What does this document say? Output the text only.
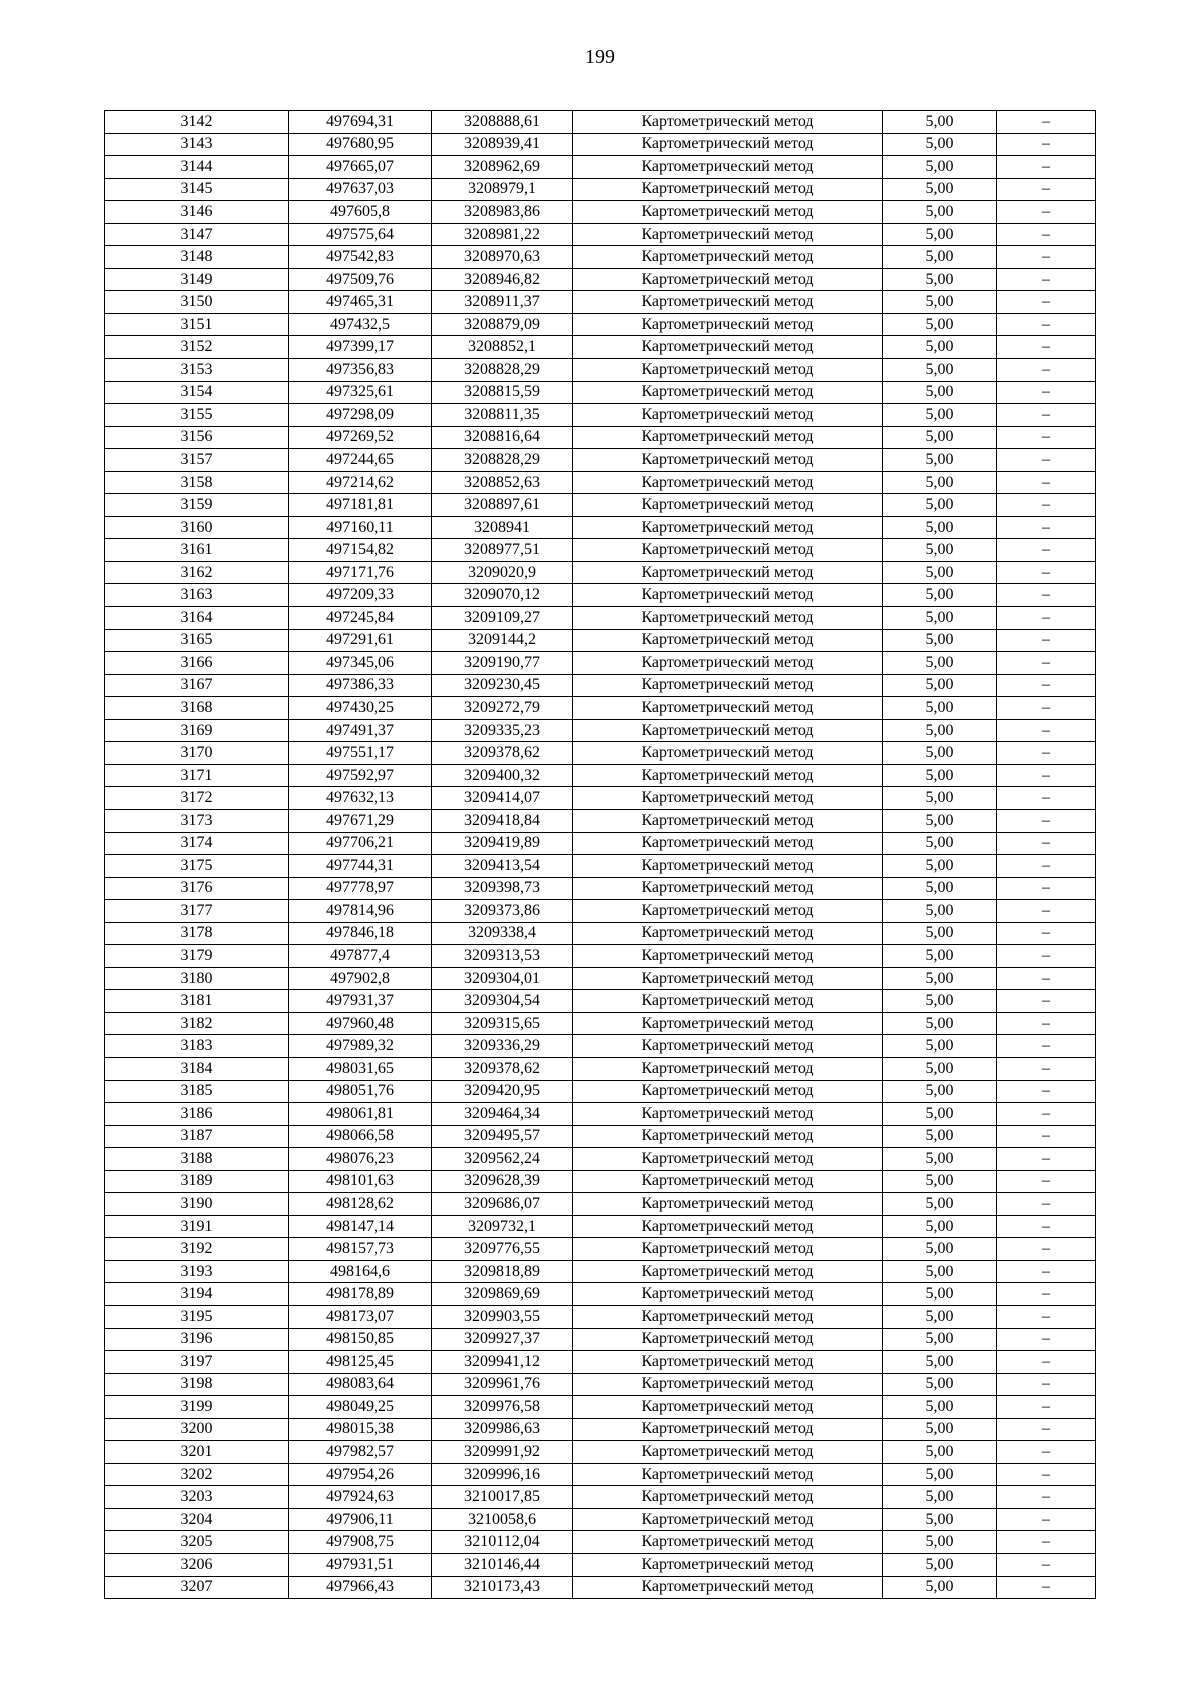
199
3142	497694,31	3208888,61	Картометрический метод	5,00	–
3143	497680,95	3208939,41	Картометрический метод	5,00	–
3144	497665,07	3208962,69	Картометрический метод	5,00	–
3145	497637,03	3208979,1	Картометрический метод	5,00	–
3146	497605,8	3208983,86	Картометрический метод	5,00	–
3147	497575,64	3208981,22	Картометрический метод	5,00	–
3148	497542,83	3208970,63	Картометрический метод	5,00	–
3149	497509,76	3208946,82	Картометрический метод	5,00	–
3150	497465,31	3208911,37	Картометрический метод	5,00	–
3151	497432,5	3208879,09	Картометрический метод	5,00	–
3152	497399,17	3208852,1	Картометрический метод	5,00	–
3153	497356,83	3208828,29	Картометрический метод	5,00	–
3154	497325,61	3208815,59	Картометрический метод	5,00	–
3155	497298,09	3208811,35	Картометрический метод	5,00	–
3156	497269,52	3208816,64	Картометрический метод	5,00	–
3157	497244,65	3208828,29	Картометрический метод	5,00	–
3158	497214,62	3208852,63	Картометрический метод	5,00	–
3159	497181,81	3208897,61	Картометрический метод	5,00	–
3160	497160,11	3208941	Картометрический метод	5,00	–
3161	497154,82	3208977,51	Картометрический метод	5,00	–
3162	497171,76	3209020,9	Картометрический метод	5,00	–
3163	497209,33	3209070,12	Картометрический метод	5,00	–
3164	497245,84	3209109,27	Картометрический метод	5,00	–
3165	497291,61	3209144,2	Картометрический метод	5,00	–
3166	497345,06	3209190,77	Картометрический метод	5,00	–
3167	497386,33	3209230,45	Картометрический метод	5,00	–
3168	497430,25	3209272,79	Картометрический метод	5,00	–
3169	497491,37	3209335,23	Картометрический метод	5,00	–
3170	497551,17	3209378,62	Картометрический метод	5,00	–
3171	497592,97	3209400,32	Картометрический метод	5,00	–
3172	497632,13	3209414,07	Картометрический метод	5,00	–
3173	497671,29	3209418,84	Картометрический метод	5,00	–
3174	497706,21	3209419,89	Картометрический метод	5,00	–
3175	497744,31	3209413,54	Картометрический метод	5,00	–
3176	497778,97	3209398,73	Картометрический метод	5,00	–
3177	497814,96	3209373,86	Картометрический метод	5,00	–
3178	497846,18	3209338,4	Картометрический метод	5,00	–
3179	497877,4	3209313,53	Картометрический метод	5,00	–
3180	497902,8	3209304,01	Картометрический метод	5,00	–
3181	497931,37	3209304,54	Картометрический метод	5,00	–
3182	497960,48	3209315,65	Картометрический метод	5,00	–
3183	497989,32	3209336,29	Картометрический метод	5,00	–
3184	498031,65	3209378,62	Картометрический метод	5,00	–
3185	498051,76	3209420,95	Картометрический метод	5,00	–
3186	498061,81	3209464,34	Картометрический метод	5,00	–
3187	498066,58	3209495,57	Картометрический метод	5,00	–
3188	498076,23	3209562,24	Картометрический метод	5,00	–
3189	498101,63	3209628,39	Картометрический метод	5,00	–
3190	498128,62	3209686,07	Картометрический метод	5,00	–
3191	498147,14	3209732,1	Картометрический метод	5,00	–
3192	498157,73	3209776,55	Картометрический метод	5,00	–
3193	498164,6	3209818,89	Картометрический метод	5,00	–
3194	498178,89	3209869,69	Картометрический метод	5,00	–
3195	498173,07	3209903,55	Картометрический метод	5,00	–
3196	498150,85	3209927,37	Картометрический метод	5,00	–
3197	498125,45	3209941,12	Картометрический метод	5,00	–
3198	498083,64	3209961,76	Картометрический метод	5,00	–
3199	498049,25	3209976,58	Картометрический метод	5,00	–
3200	498015,38	3209986,63	Картометрический метод	5,00	–
3201	497982,57	3209991,92	Картометрический метод	5,00	–
3202	497954,26	3209996,16	Картометрический метод	5,00	–
3203	497924,63	3210017,85	Картометрический метод	5,00	–
3204	497906,11	3210058,6	Картометрический метод	5,00	–
3205	497908,75	3210112,04	Картометрический метод	5,00	–
3206	497931,51	3210146,44	Картометрический метод	5,00	–
3207	497966,43	3210173,43	Картометрический метод	5,00	–
